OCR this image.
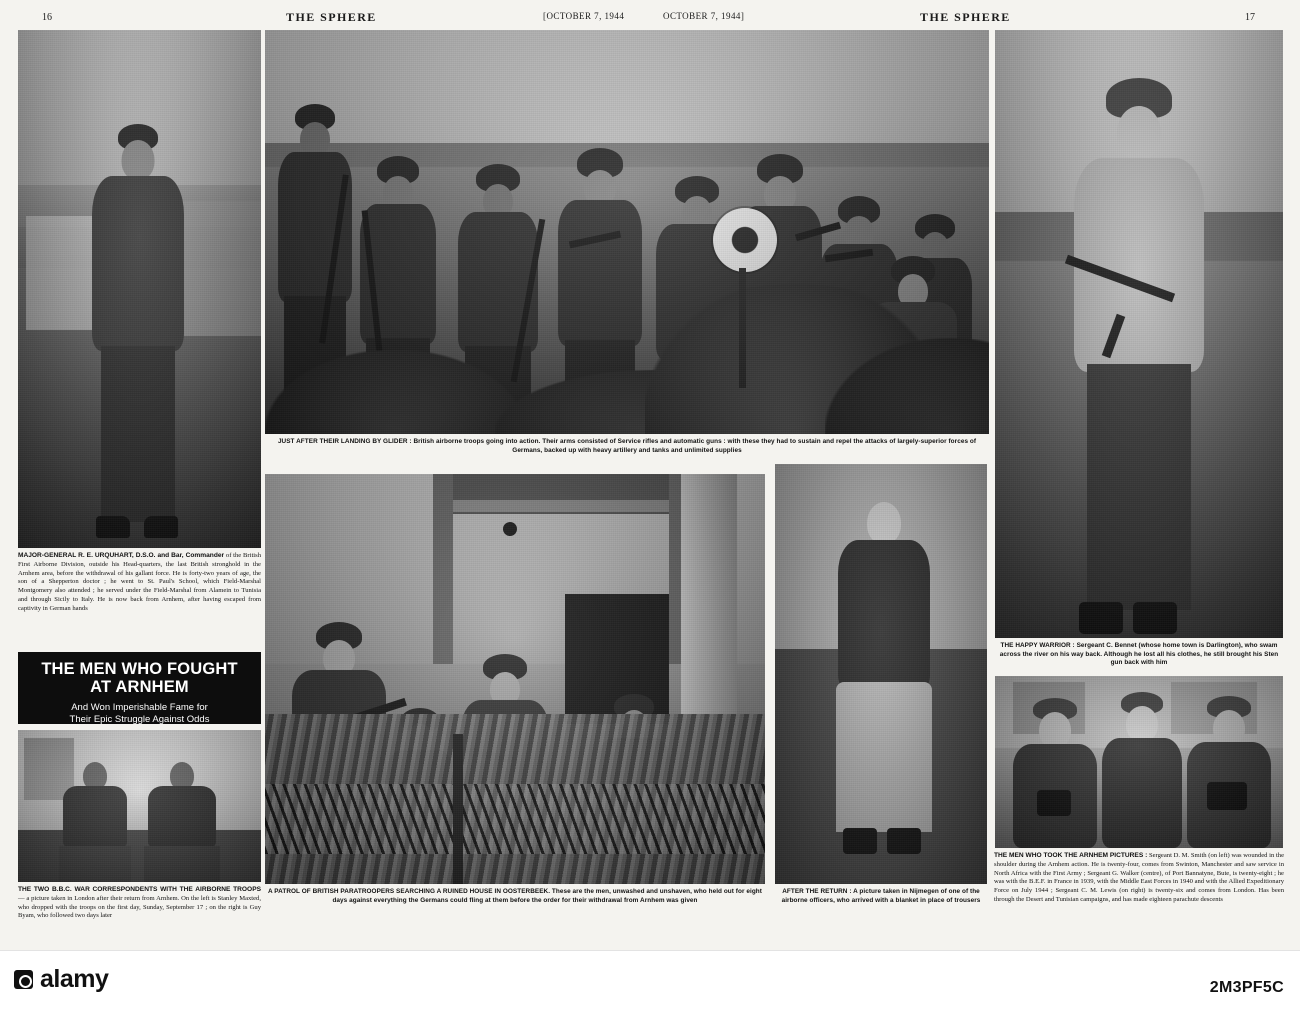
16	THE SPHERE	[OCTOBER 7, 1944	OCTOBER 7, 1944]	THE SPHERE	17
MAJOR-GENERAL R. E. URQUHART, D.S.O. and Bar, Commander of the British First Airborne Division, outside his Head-quarters, the last British stronghold in the Arnhem area, before the withdrawal of his gallant force. He is forty-two years of age, the son of a Shepperton doctor ; he went to St. Paul's School, which Field-Marshal Montgomery also attended ; he served under the Field-Marshal from Alamein to Tunisia and through Sicily to Italy. He is now back from Arnhem, after having escaped from captivity in German hands
THE MEN WHO FOUGHT
AT ARNHEM
And Won Imperishable Fame for
Their Epic Struggle Against Odds
THE TWO B.B.C. WAR CORRESPONDENTS WITH THE AIRBORNE TROOPS — a picture taken in London after their return from Arnhem. On the left is Stanley Maxted, who dropped with the troops on the first day, Sunday, September 17 ; on the right is Guy Byam, who followed two days later
JUST AFTER THEIR LANDING BY GLIDER : British airborne troops going into action. Their arms consisted of Service rifles and automatic guns : with these they had to sustain and repel the attacks of largely-superior forces of Germans, backed up with heavy artillery and tanks and unlimited supplies
A PATROL OF BRITISH PARATROOPERS SEARCHING A RUINED HOUSE IN OOSTERBEEK. These are the men, unwashed and unshaven, who held out for eight days against everything the Germans could fling at them before the order for their withdrawal from Arnhem was given
AFTER THE RETURN : A picture taken in Nijmegen of one of the airborne officers, who arrived with a blanket in place of trousers
THE HAPPY WARRIOR : Sergeant C. Bennet (whose home town is Darlington), who swam across the river on his way back. Although he lost all his clothes, he still brought his Sten gun back with him
THE MEN WHO TOOK THE ARNHEM PICTURES : Sergeant D. M. Smith (on left) was wounded in the shoulder during the Arnhem action. He is twenty-four, comes from Swinton, Manchester and saw service in North Africa with the First Army ; Sergeant G. Walker (centre), of Port Bannatyne, Bute, is twenty-eight ; he was with the B.E.F. in France in 1939, with the Middle East Forces in 1940 and with the Allied Expeditionary Force on July 1944 ; Sergeant C. M. Lewis (on right) is twenty-six and comes from London. Has been through the Desert and Tunisian campaigns, and has made eighteen parachute descents
alamy	2M3PF5C
